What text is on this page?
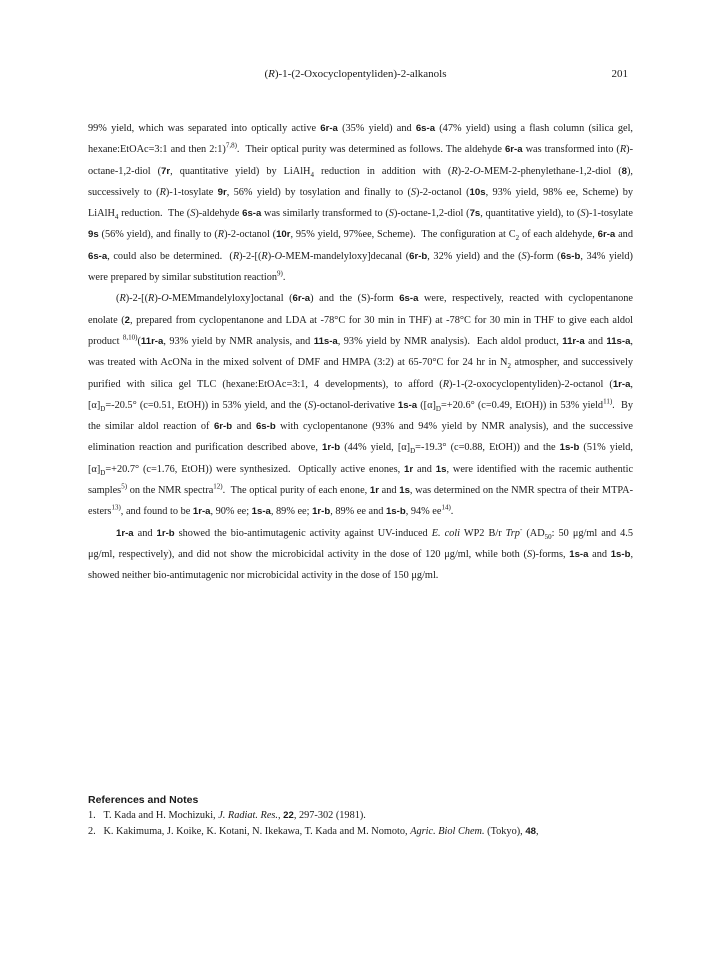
(R)-1-(2-Oxocyclopentyliden)-2-alkanols	201

99% yield, which was separated into optically active 6r-a (35% yield) and 6s-a (47% yield) using a flash column (silica gel, hexane:EtOAc=3:1 and then 2:1)$^{7,8)}$.  Their optical purity was determined as follows. The aldehyde 6r-a was transformed into (R)-octane-1,2-diol (7r, quantitative yield) by LiAlH$_4$ reduction in addition with (R)-2-O-MEM-2-phenylethane-1,2-diol (8), successively to (R)-1-tosylate 9r, 56% yield) by tosylation and finally to (S)-2-octanol (10s, 93% yield, 98% ee, Scheme) by LiAlH$_4$ reduction.  The (S)-aldehyde 6s-a was similarly transformed to (S)-octane-1,2-diol (7s, quantitative yield), to (S)-1-tosylate 9s (56% yield), and finally to (R)-2-octanol (10r, 95% yield, 97%ee, Scheme).  The configuration at $C_2$ of each aldehyde, 6r-a and 6s-a, could also be determined.  (R)-2-[(R)-O-MEM-mandelyloxy]decanal (6r-b, 32% yield) and the (S)-form (6s-b, 34% yield) were prepared by similar substitution reaction$^{9)}$.

(R)-2-[(R)-O-MEMmandelyloxy]octanal (6r-a) and the (S)-form 6s-a were, respectively, reacted with cyclopentanone enolate (2, prepared from cyclopentanone and LDA at -78°C for 30 min in THF) at -78°C for 30 min in THF to give each aldol product $^{8,10)}$(11r-a, 93% yield by NMR analysis, and 11s-a, 93% yield by NMR analysis).  Each aldol product, 11r-a and 11s-a, was treated with AcONa in the mixed solvent of DMF and HMPA (3:2) at 65-70°C for 24 hr in $N_2$ atmospher, and successively purified with silica gel TLC (hexane:EtOAc=3:1, 4 developments), to afford (R)-1-(2-oxocyclopentyliden)-2-octanol (1r-a, $[\alpha]_D=-20.5^\circ$ (c=0.51, EtOH)) in 53% yield, and the (S)-octanol-derivative 1s-a ($[\alpha]_D=+20.6^\circ$ (c=0.49, EtOH)) in 53% yield$^{11)}$.  By the similar aldol reaction of 6r-b and 6s-b with cyclopentanone (93% and 94% yield by NMR analysis), and the successive elimination reaction and purification described above, 1r-b (44% yield, $[\alpha]_D=-19.3^\circ$ (c=0.88, EtOH)) and the 1s-b (51% yield, $[\alpha]_D=+20.7^\circ$ (c=1.76, EtOH)) were synthesized.  Optically active enones, 1r and 1s, were identified with the racemic authentic samples$^{5)}$ on the NMR spectra$^{12)}$.  The optical purity of each enone, 1r and 1s, was determined on the NMR spectra of their MTPA-esters$^{13)}$, and found to be 1r-a, 90% ee; 1s-a, 89% ee; 1r-b, 89% ee and 1s-b, 94% $ee^{14)}$.

1r-a and 1r-b showed the bio-antimutagenic activity against UV-induced E. coli WP2 B/r Trp- ($AD_{50}$: 50 μg/ml and 4.5 μg/ml, respectively), and did not show the microbicidal activity in the dose of 120 μg/ml, while both (S)-forms, 1s-a and 1s-b, showed neither bio-antimutagenic nor microbicidal activity in the dose of 150 μg/ml.

References and Notes

1.   T. Kada and H. Mochizuki, J. Radiat. Res., 22, 297-302 (1981).

2.   K. Kakimuma, J. Koike, K. Kotani, N. Ikekawa, T. Kada and M. Nomoto, Agric. Biol Chem. (Tokyo), 48,
